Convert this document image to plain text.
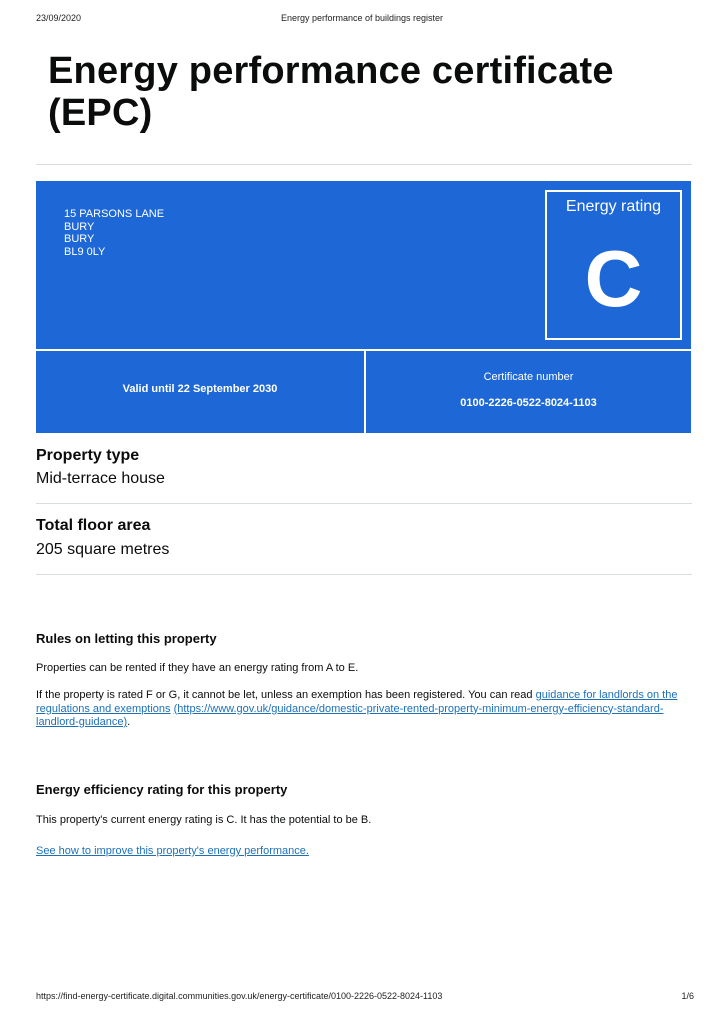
23/09/2020	Energy performance of buildings register
Energy performance certificate (EPC)
15 PARSONS LANE
BURY
BURY
BL9 0LY
Energy rating
C
Valid until 22 September 2030
Certificate number
0100-2226-0522-8024-1103
Property type
Mid-terrace house
Total floor area
205 square metres
Rules on letting this property
Properties can be rented if they have an energy rating from A to E.
If the property is rated F or G, it cannot be let, unless an exemption has been registered. You can read guidance for landlords on the regulations and exemptions (https://www.gov.uk/guidance/domestic-private-rented-property-minimum-energy-efficiency-standard-landlord-guidance).
Energy efficiency rating for this property
This property's current energy rating is C. It has the potential to be B.
See how to improve this property's energy performance.
https://find-energy-certificate.digital.communities.gov.uk/energy-certificate/0100-2226-0522-8024-1103	1/6
